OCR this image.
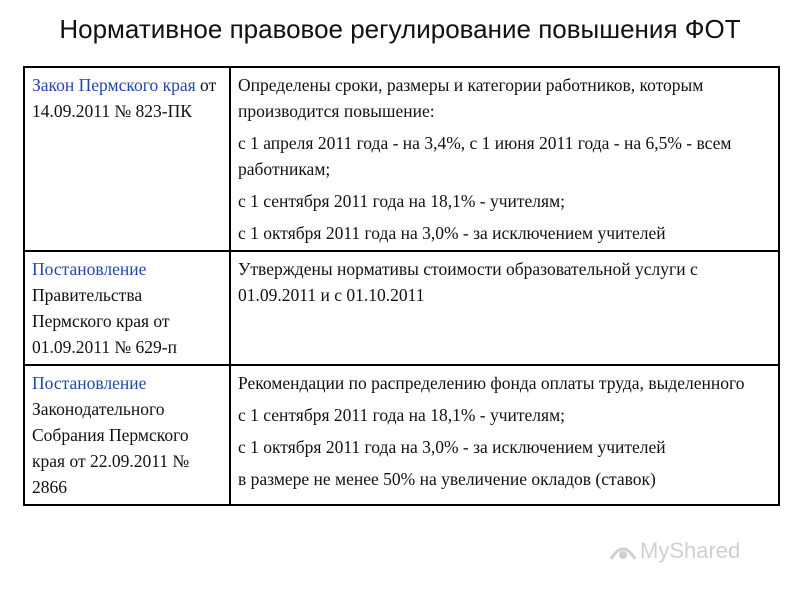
Нормативное правовое регулирование повышения ФОТ
Закон Пермского края от 14.09.2011 № 823-ПК	Определены сроки, размеры и категории работников, которым производится повышение:
с 1 апреля 2011 года - на 3,4%, с 1 июня 2011 года - на 6,5% - всем работникам;
с 1 сентября 2011 года на 18,1% - учителям;
с 1 октября 2011 года на 3,0% - за исключением учителей

Постановление
Правительства Пермского края от 01.09.2011 № 629-п	Утверждены нормативы стоимости образовательной услуги с 01.09.2011 и с 01.10.2011

Постановление
Законодательного Собрания Пермского края от 22.09.2011 № 2866	Рекомендации по распределению фонда оплаты труда, выделенного
с 1 сентября 2011 года на 18,1% - учителям;
с 1 октября 2011 года на 3,0% - за исключением учителей
в размере не менее 50% на увеличение окладов (ставок)
MyShared
